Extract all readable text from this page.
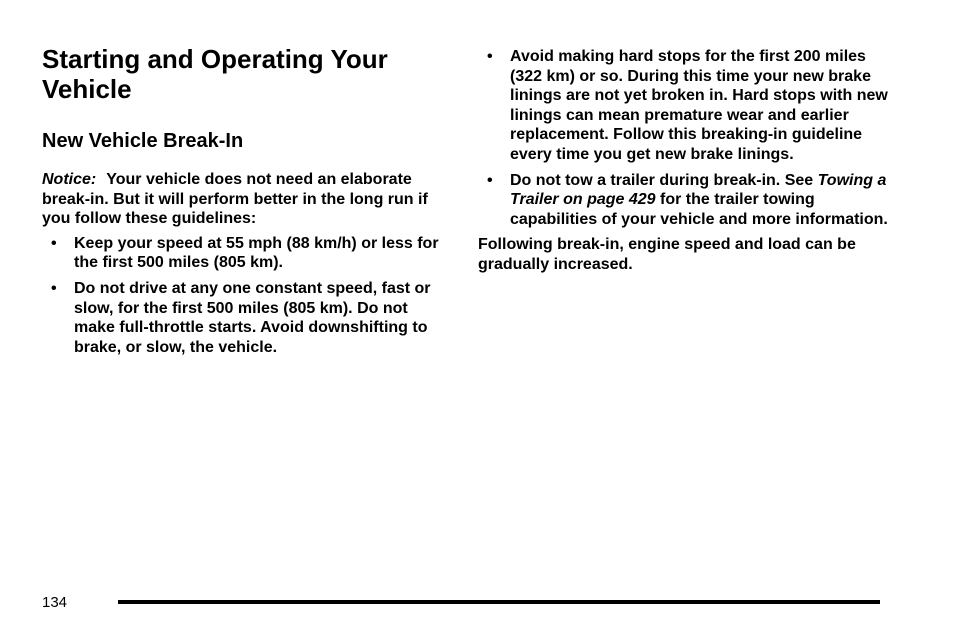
Starting and Operating Your Vehicle
New Vehicle Break-In

Notice: Your vehicle does not need an elaborate break-in. But it will perform better in the long run if you follow these guidelines:

• Keep your speed at 55 mph (88 km/h) or less for the first 500 miles (805 km).
• Do not drive at any one constant speed, fast or slow, for the first 500 miles (805 km). Do not make full-throttle starts. Avoid downshifting to brake, or slow, the vehicle.
• Avoid making hard stops for the first 200 miles (322 km) or so. During this time your new brake linings are not yet broken in. Hard stops with new linings can mean premature wear and earlier replacement. Follow this breaking-in guideline every time you get new brake linings.
• Do not tow a trailer during break-in. See Towing a Trailer on page 429 for the trailer towing capabilities of your vehicle and more information.

Following break-in, engine speed and load can be gradually increased.

134
